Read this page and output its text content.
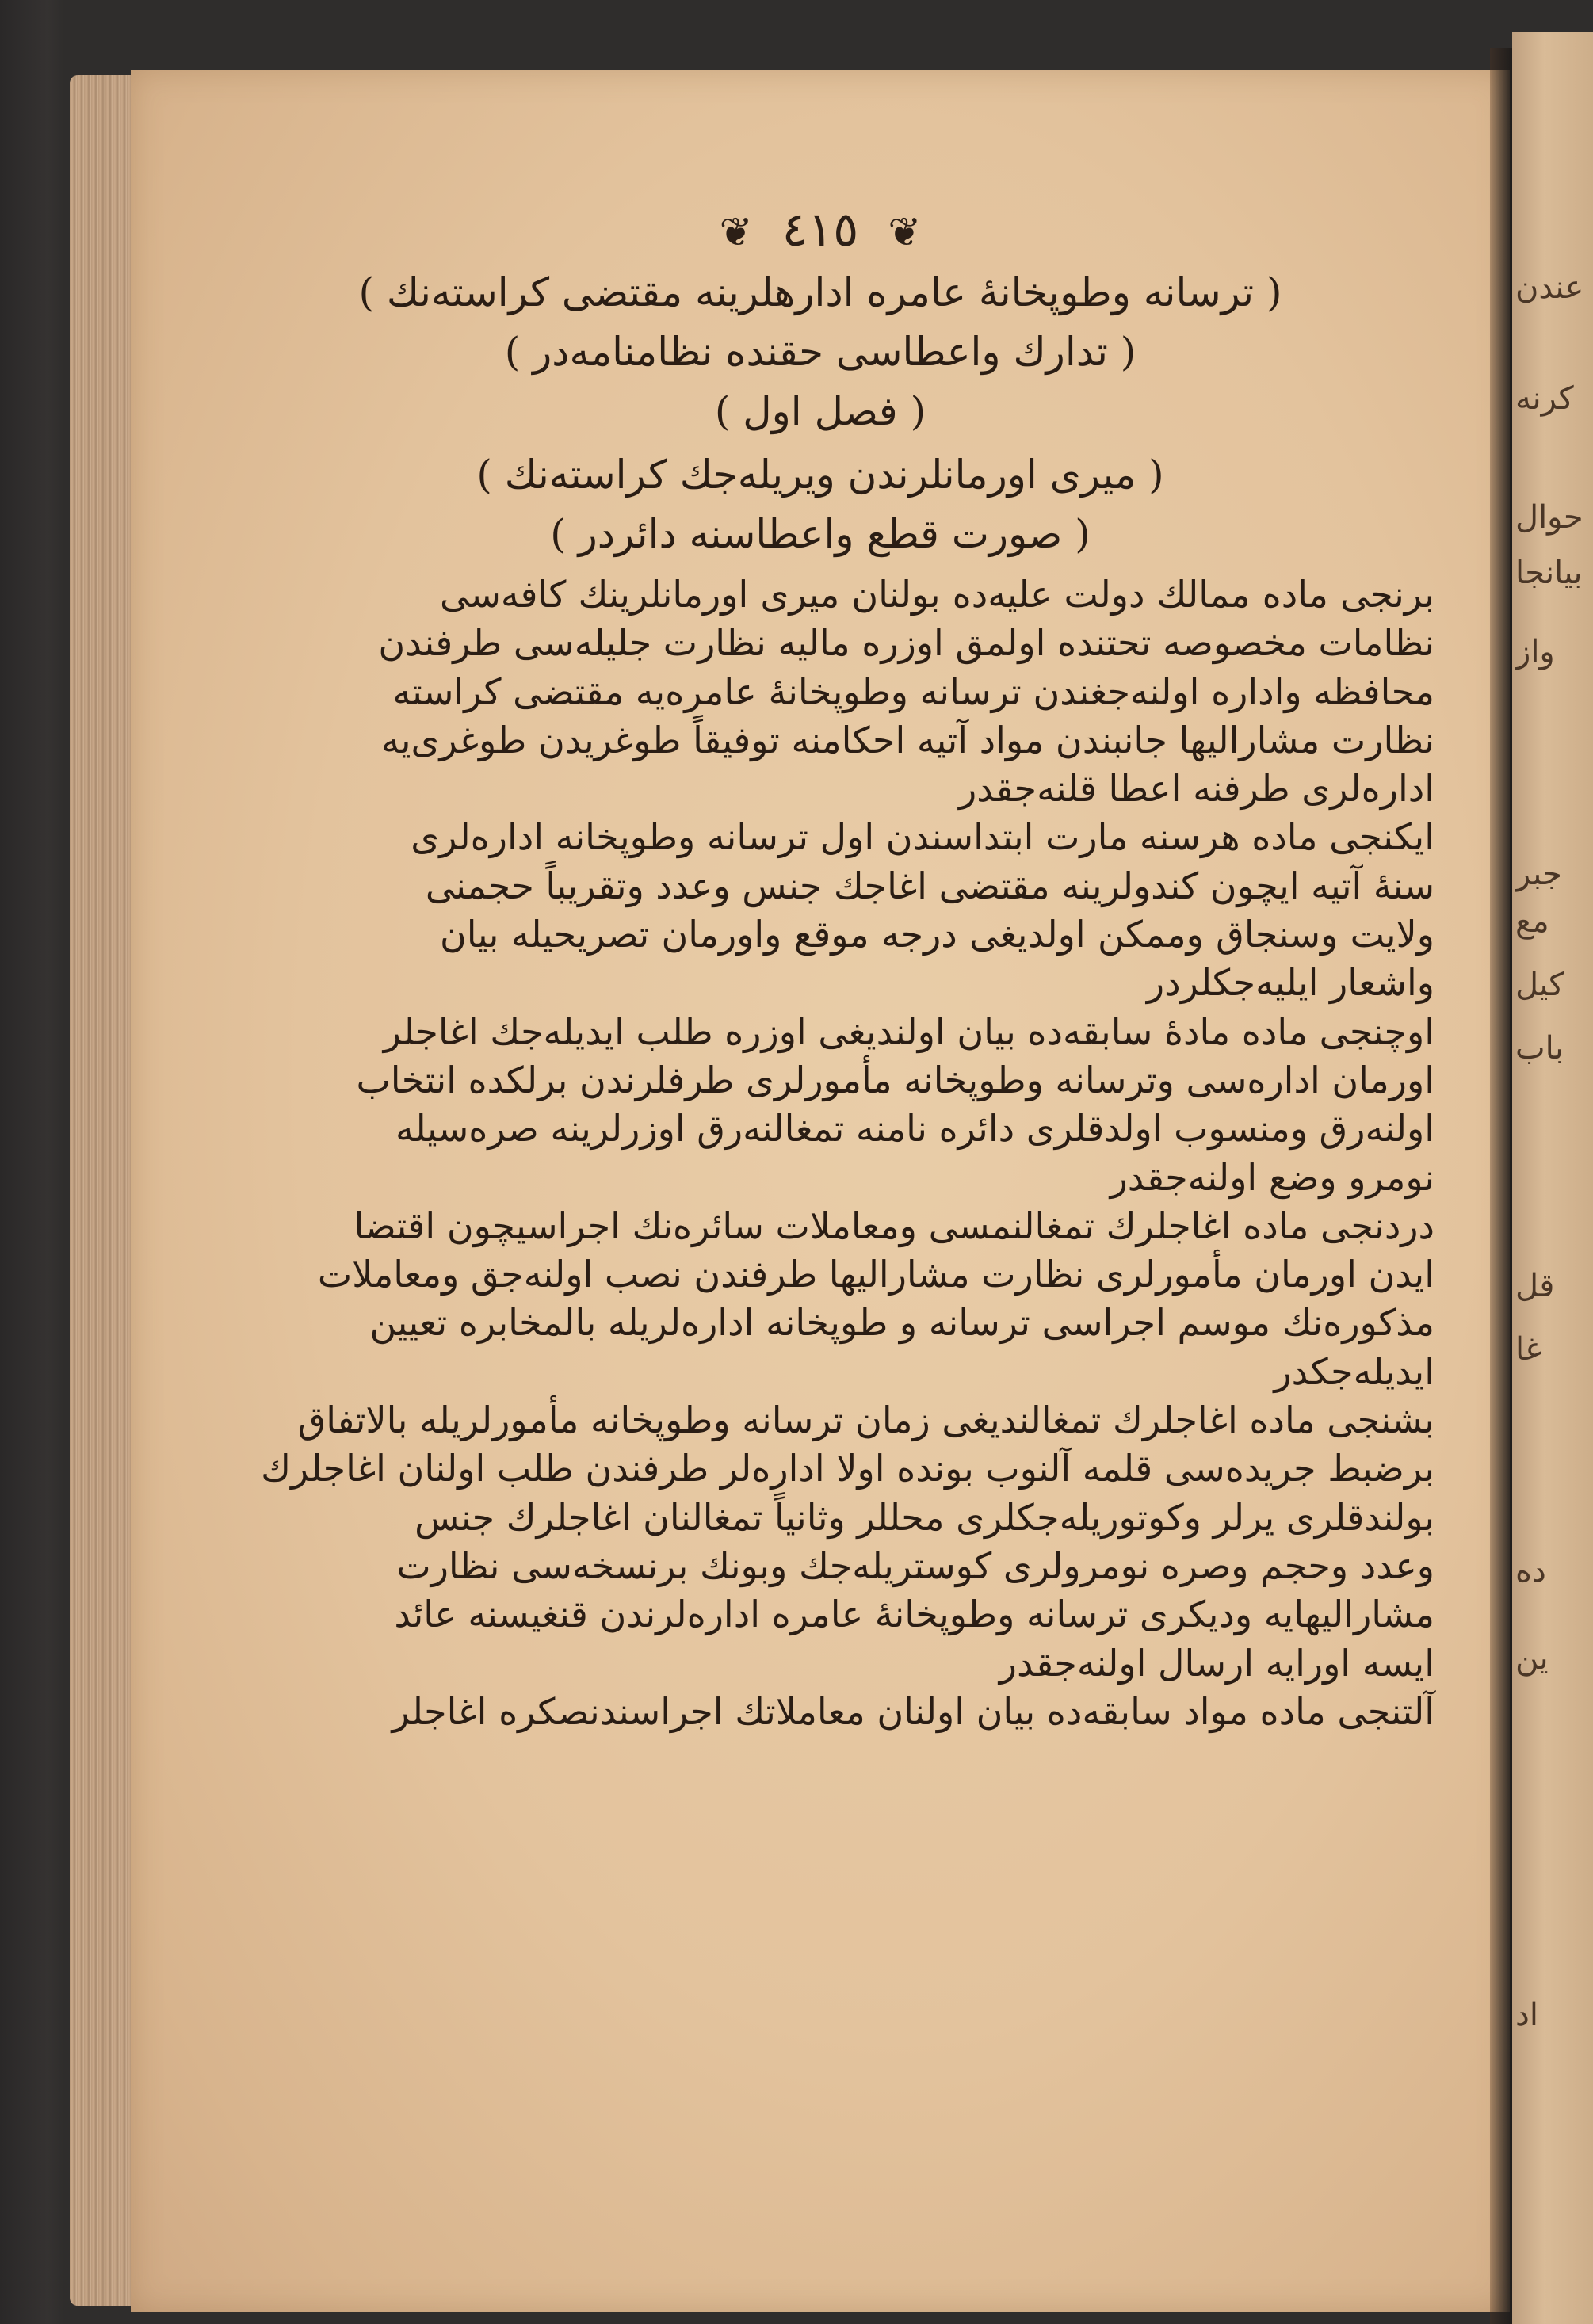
عندن
كرنه
حوال
بیانجا
واز
جبر
مع
كیل
باب
قل
غا
ده
ین
اد
❦ ٤١٥ ❦
( ترسانه وطوپخانهٔ عامره ادارهلرینه مقتضی کراسته‌نك )
( تدارك واعطاسی حقنده نظامنامه‌در )
( فصل اول )
( میری اورمانلرندن ویریله‌جك كراسته‌نك )
( صورت قطع واعطاسنه دائردر )
برنجی ماده ممالك دولت علیه‌ده بولنان میری اورمانلرینك كافه‌سی
نظامات مخصوصه تحتنده اولمق اوزره مالیه نظارت جلیله‌سی طرفندن
محافظه واداره اولنه‌جغندن ترسانه وطوپخانهٔ عامره‌یه مقتضی كراسته
نظارت مشارالیها جانبندن مواد آتیه احكامنه توفیقاً طوغریدن طوغری‌یه
اداره‌لری طرفنه اعطا قلنه‌جقدر
ایكنجی ماده هرسنه مارت ابتداسندن اول ترسانه وطوپخانه اداره‌لری
سنهٔ آتیه ایچون كندولرینه مقتضی اغاجك جنس وعدد وتقریباً حجمنی
ولایت وسنجاق وممكن اولدیغی درجه موقع واورمان تصریحیله بیان
واشعار ایلیه‌جكلردر
اوچنجی ماده مادهٔ سابقه‌ده بیان اولندیغی اوزره طلب ایدیله‌جك اغاجلر
اورمان اداره‌سی وترسانه وطوپخانه مأمورلری طرفلرندن برلكده انتخاب
اولنه‌رق ومنسوب اولدقلری دائره نامنه تمغالنه‌رق اوزرلرینه صره‌سیله
نومرو وضع اولنه‌جقدر
دردنجی ماده اغاجلرك تمغالنمسی ومعاملات سائره‌نك اجراسیچون اقتضا
ایدن اورمان مأمورلری نظارت مشارالیها طرفندن نصب اولنه‌جق ومعاملات
مذكوره‌نك موسم اجراسی ترسانه و طوپخانه اداره‌لریله بالمخابره تعیین
ایدیله‌جكدر
بشنجی ماده اغاجلرك تمغالندیغی زمان ترسانه وطوپخانه مأمورلریله بالاتفاق
برضبط جریده‌سی قلمه آلنوب بونده اولا اداره‌لر طرفندن طلب اولنان اغاجلرك
بولندقلری یرلر وكوتوریله‌جكلری محللر وثانیاً تمغالنان اغاجلرك جنس
وعدد وحجم وصره نومرولری كوستریله‌جك وبونك برنسخه‌سی نظارت
مشارالیهایه ودیكری ترسانه وطوپخانهٔ عامره اداره‌لرندن قنغیسنه عائد
ایسه اورایه ارسال اولنه‌جقدر
آلتنجی ماده مواد سابقه‌ده بیان اولنان معاملاتك اجراسندنصكره اغاجلر
